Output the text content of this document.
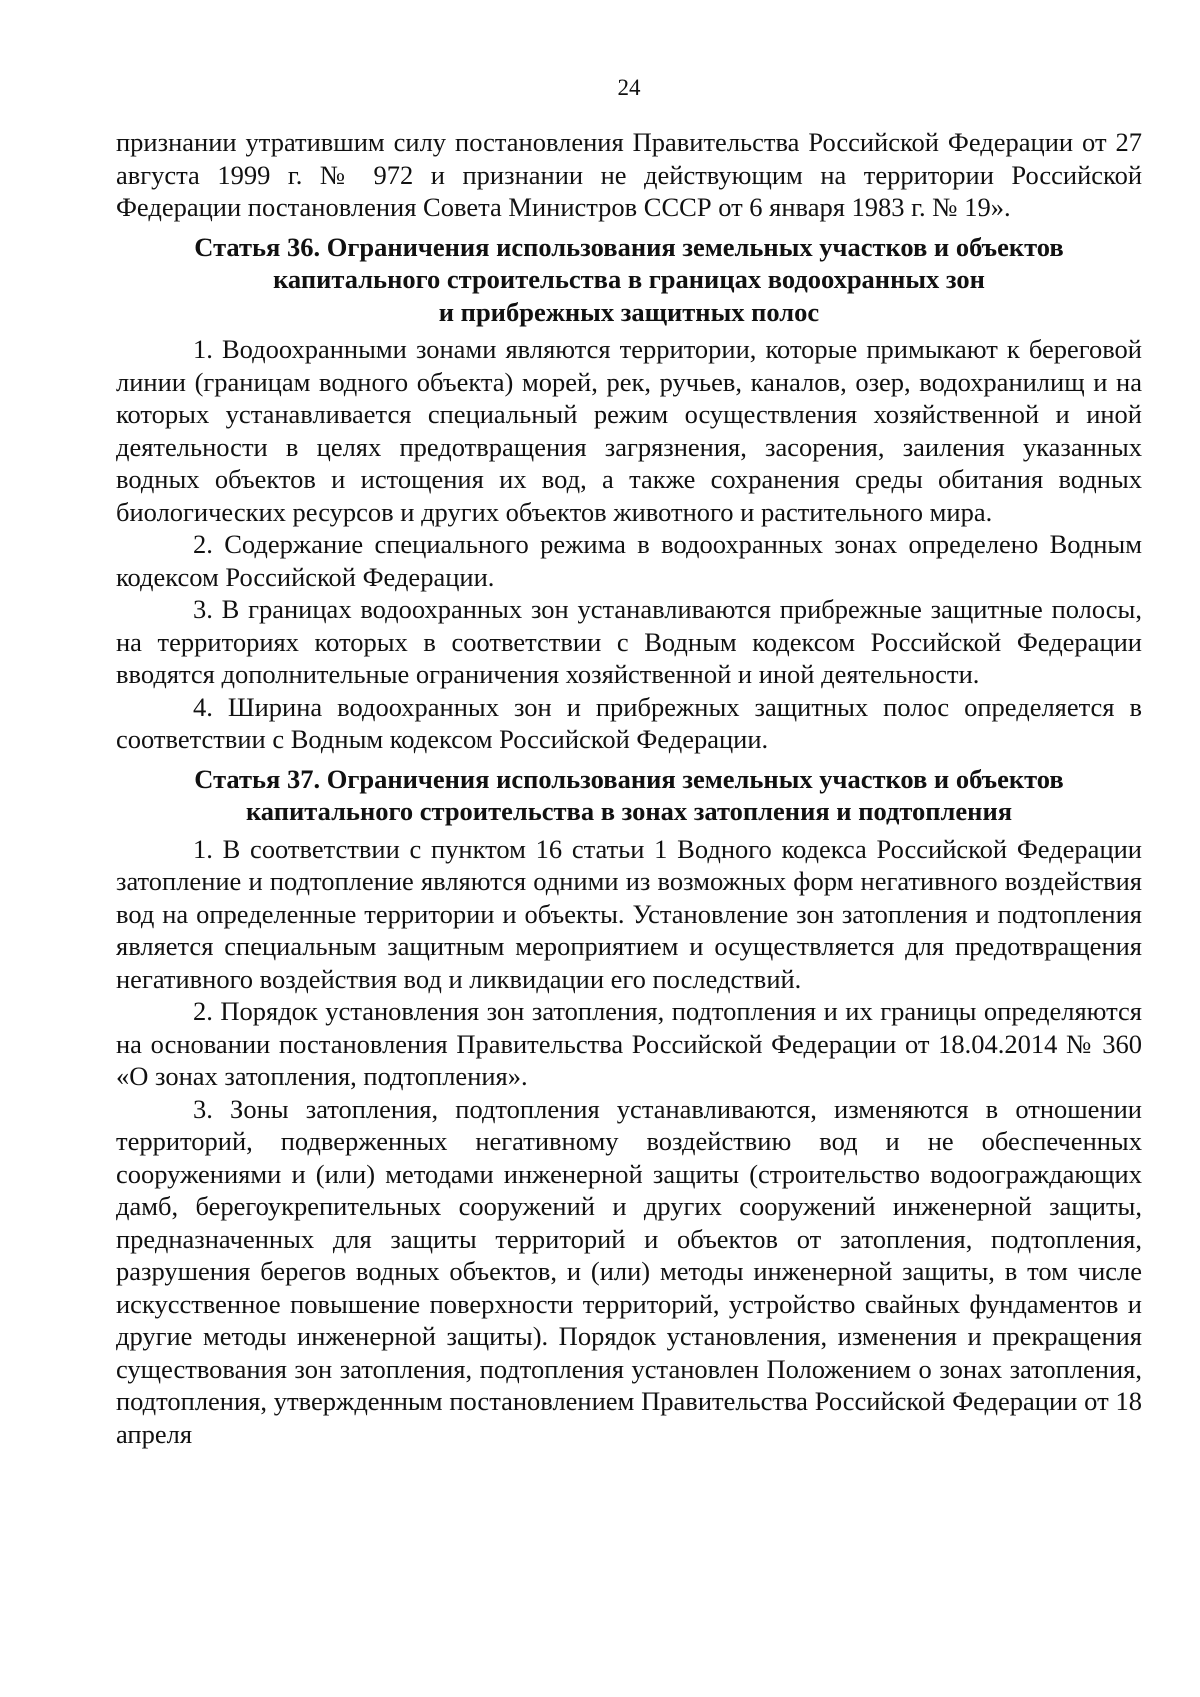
24

признании утратившим силу постановления Правительства Российской Федерации от 27 августа 1999 г. № 972 и признании не действующим на территории Российской Федерации постановления Совета Министров СССР от 6 января 1983 г. № 19».

Статья 36. Ограничения использования земельных участков и объектов
капитального строительства в границах водоохранных зон
и прибрежных защитных полос

1. Водоохранными зонами являются территории, которые примыкают к береговой линии (границам водного объекта) морей, рек, ручьев, каналов, озер, водохранилищ и на которых устанавливается специальный режим осуществления хозяйственной и иной деятельности в целях предотвращения загрязнения, засорения, заиления указанных водных объектов и истощения их вод, а также сохранения среды обитания водных биологических ресурсов и других объектов животного и растительного мира.

2. Содержание специального режима в водоохранных зонах определено Водным кодексом Российской Федерации.

3. В границах водоохранных зон устанавливаются прибрежные защитные полосы, на территориях которых в соответствии с Водным кодексом Российской Федерации вводятся дополнительные ограничения хозяйственной и иной деятельности.

4. Ширина водоохранных зон и прибрежных защитных полос определяется в соответствии с Водным кодексом Российской Федерации.

Статья 37. Ограничения использования земельных участков и объектов
капитального строительства в зонах затопления и подтопления

1. В соответствии с пунктом 16 статьи 1 Водного кодекса Российской Федерации затопление и подтопление являются одними из возможных форм негативного воздействия вод на определенные территории и объекты. Установление зон затопления и подтопления является специальным защитным мероприятием и осуществляется для предотвращения негативного воздействия вод и ликвидации его последствий.

2. Порядок установления зон затопления, подтопления и их границы определяются на основании постановления Правительства Российской Федерации от 18.04.2014 № 360 «О зонах затопления, подтопления».

3. Зоны затопления, подтопления устанавливаются, изменяются в отношении территорий, подверженных негативному воздействию вод и не обеспеченных сооружениями и (или) методами инженерной защиты (строительство водоограждающих дамб, берегоукрепительных сооружений и других сооружений инженерной защиты, предназначенных для защиты территорий и объектов от затопления, подтопления, разрушения берегов водных объектов, и (или) методы инженерной защиты, в том числе искусственное повышение поверхности территорий, устройство свайных фундаментов и другие методы инженерной защиты). Порядок установления, изменения и прекращения существования зон затопления, подтопления установлен Положением о зонах затопления, подтопления, утвержденным постановлением Правительства Российской Федерации от 18 апреля
